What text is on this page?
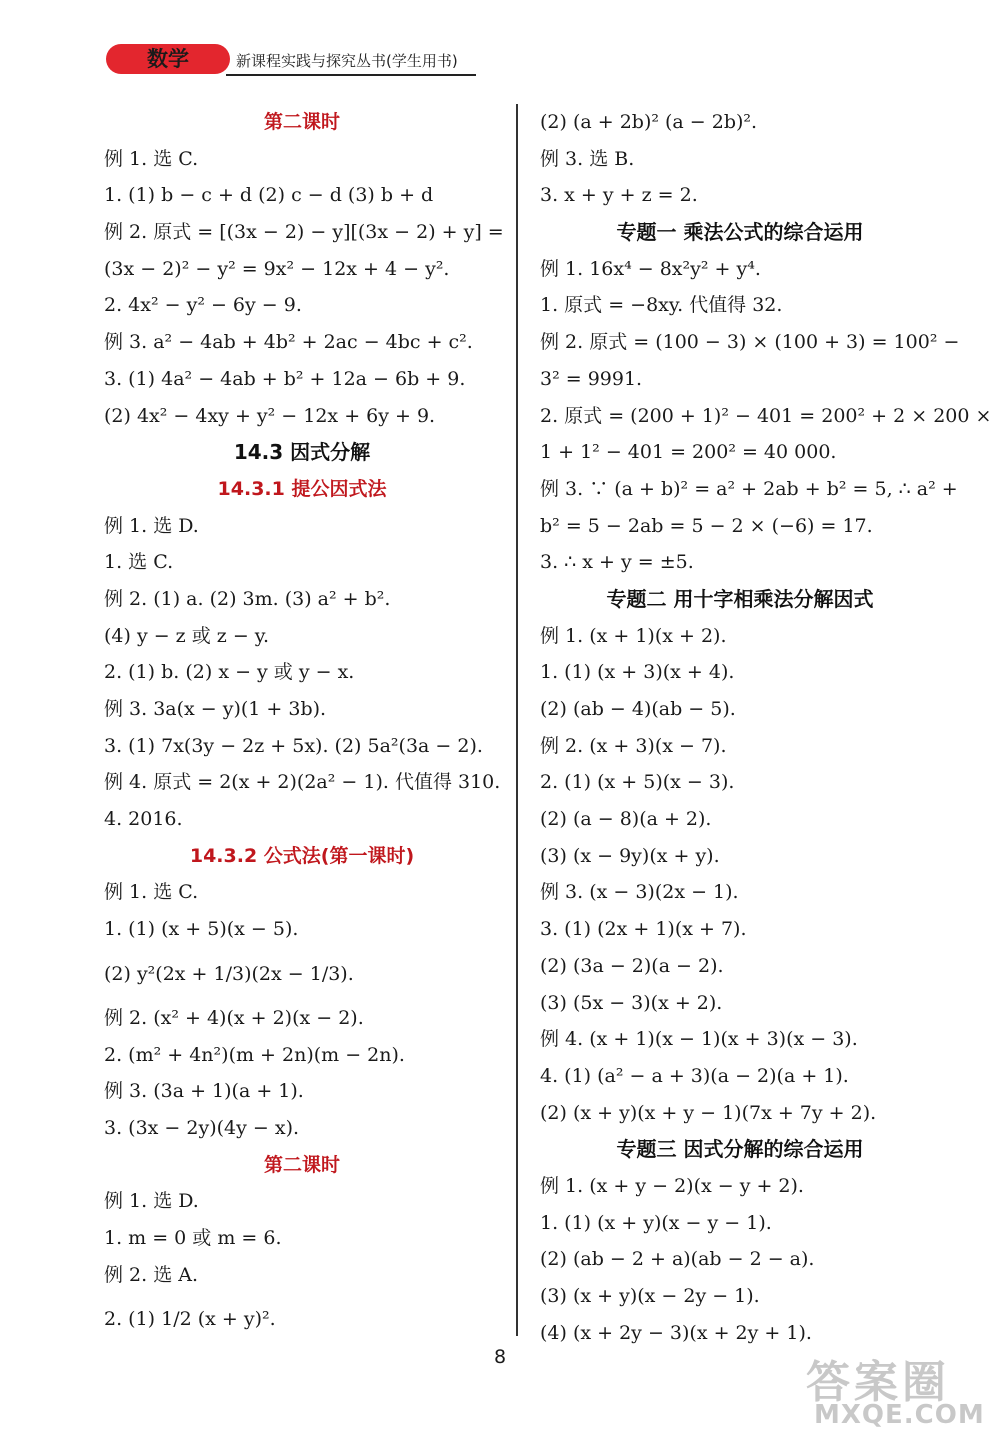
数学	新课程实践与探究丛书(学生用书)
第二课时
例 1. 选 C.
1. (1) b − c + d (2) c − d (3) b + d
例 2. 原式 = [(3x − 2) − y][(3x − 2) + y] =
(3x − 2)² − y² = 9x² − 12x + 4 − y².
2. 4x² − y² − 6y − 9.
例 3. a² − 4ab + 4b² + 2ac − 4bc + c².
3. (1) 4a² − 4ab + b² + 12a − 6b + 9.
(2) 4x² − 4xy + y² − 12x + 6y + 9.
14.3 因式分解
14.3.1 提公因式法
例 1. 选 D.
1. 选 C.
例 2. (1) a. (2) 3m. (3) a² + b².
(4) y − z 或 z − y.
2. (1) b. (2) x − y 或 y − x.
例 3. 3a(x − y)(1 + 3b).
3. (1) 7x(3y − 2z + 5x). (2) 5a²(3a − 2).
例 4. 原式 = 2(x + 2)(2a² − 1). 代值得 310.
4. 2016.
14.3.2 公式法(第一课时)
例 1. 选 C.
1. (1) (x + 5)(x − 5).
(2) y²(2x + 1/3)(2x − 1/3).
例 2. (x² + 4)(x + 2)(x − 2).
2. (m² + 4n²)(m + 2n)(m − 2n).
例 3. (3a + 1)(a + 1).
3. (3x − 2y)(4y − x).
第二课时
例 1. 选 D.
1. m = 0 或 m = 6.
例 2. 选 A.
2. (1) 1/2 (x + y)².
(2) (a + 2b)² (a − 2b)².
例 3. 选 B.
3. x + y + z = 2.
专题一 乘法公式的综合运用
例 1. 16x⁴ − 8x²y² + y⁴.
1. 原式 = −8xy. 代值得 32.
例 2. 原式 = (100 − 3) × (100 + 3) = 100² −
3² = 9991.
2. 原式 = (200 + 1)² − 401 = 200² + 2 × 200 ×
1 + 1² − 401 = 200² = 40 000.
例 3. ∵ (a + b)² = a² + 2ab + b² = 5, ∴ a² +
b² = 5 − 2ab = 5 − 2 × (−6) = 17.
3. ∴ x + y = ±5.
专题二 用十字相乘法分解因式
例 1. (x + 1)(x + 2).
1. (1) (x + 3)(x + 4).
(2) (ab − 4)(ab − 5).
例 2. (x + 3)(x − 7).
2. (1) (x + 5)(x − 3).
(2) (a − 8)(a + 2).
(3) (x − 9y)(x + y).
例 3. (x − 3)(2x − 1).
3. (1) (2x + 1)(x + 7).
(2) (3a − 2)(a − 2).
(3) (5x − 3)(x + 2).
例 4. (x + 1)(x − 1)(x + 3)(x − 3).
4. (1) (a² − a + 3)(a − 2)(a + 1).
(2) (x + y)(x + y − 1)(7x + 7y + 2).
专题三 因式分解的综合运用
例 1. (x + y − 2)(x − y + 2).
1. (1) (x + y)(x − y − 1).
(2) (ab − 2 + a)(ab − 2 − a).
(3) (x + y)(x − 2y − 1).
(4) (x + 2y − 3)(x + 2y + 1).
8	答案圈
MXQE.COM
